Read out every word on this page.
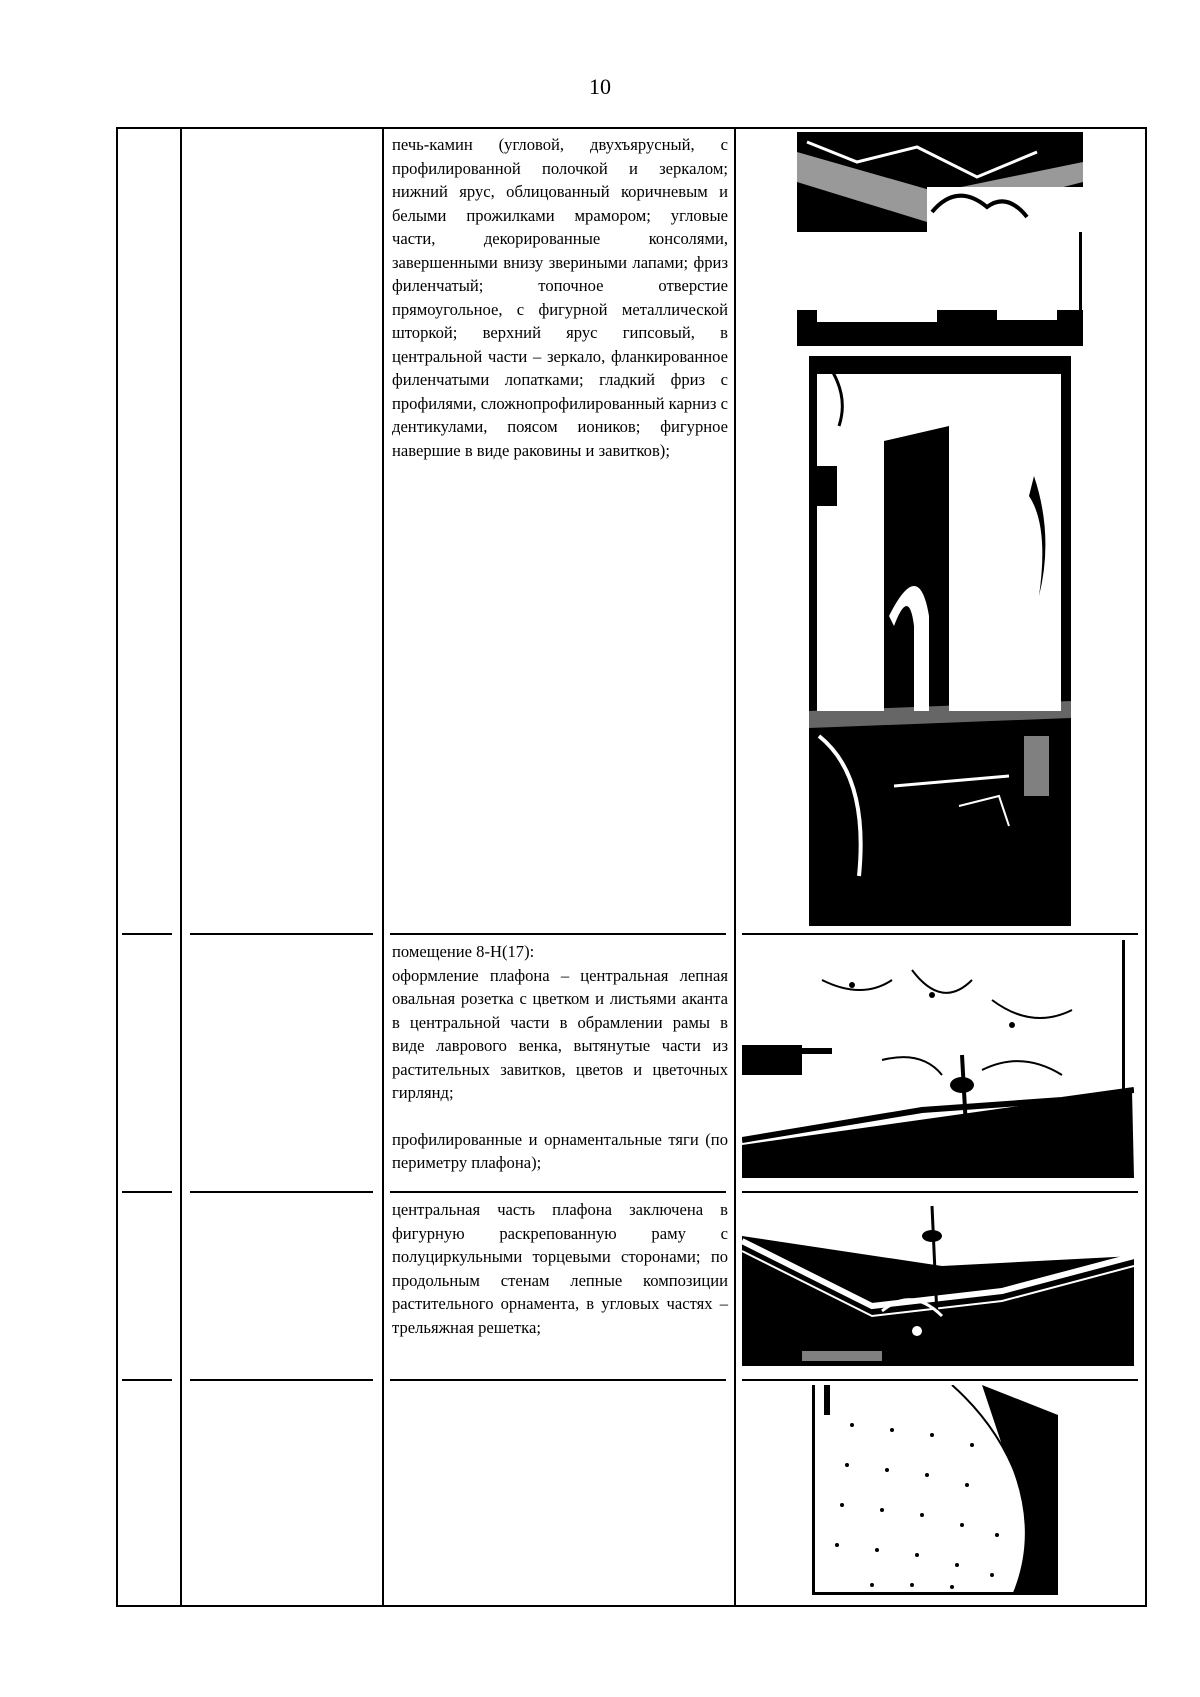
10

печь-камин (угловой, двухъярусный, с профилированной полочкой и зеркалом; нижний ярус, облицованный коричневым и белыми прожилками мрамором; угловые части, декорированные консолями, завершенными внизу звериными лапами; фриз филенчатый; топочное отверстие прямоугольное, с фигурной металлической шторкой; верхний ярус гипсовый, в центральной части – зеркало, фланкированное филенчатыми лопатками; гладкий фриз с профилями, сложнопрофилированный карниз с дентикулами, поясом иоников; фигурное навершие в виде раковины и завитков);

помещение 8-Н(17):

оформление плафона – центральная лепная овальная розетка с цветком и листьями аканта в центральной части в обрамлении рамы в виде лаврового венка, вытянутые части из растительных завитков, цветов и цветочных гирлянд;

профилированные и орнаментальные тяги (по периметру плафона);

центральная часть плафона заключена в фигурную раскрепованную раму с полуциркульными торцевыми сторонами; по продольным стенам лепные композиции растительного орнамента, в угловых частях – трельяжная решетка;
